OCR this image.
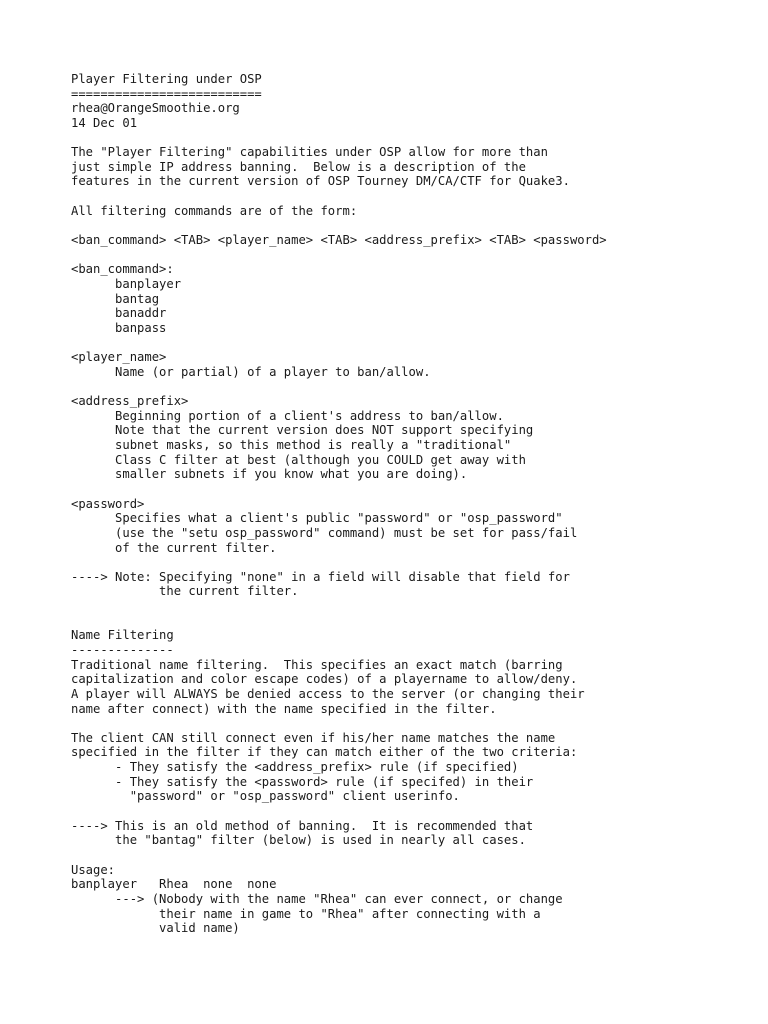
Player Filtering under OSP
==========================
rhea@OrangeSmoothie.org
14 Dec 01
The "Player Filtering" capabilities under OSP allow for more than
just simple IP address banning.  Below is a description of the
features in the current version of OSP Tourney DM/CA/CTF for Quake3.
All filtering commands are of the form:
<ban_command> <TAB> <player_name> <TAB> <address_prefix> <TAB> <password>
<ban_command>:
banplayer
bantag
banaddr
banpass
<player_name>
Name (or partial) of a player to ban/allow.
<address_prefix>
Beginning portion of a client's address to ban/allow.
Note that the current version does NOT support specifying
subnet masks, so this method is really a "traditional"
Class C filter at best (although you COULD get away with
smaller subnets if you know what you are doing).
<password>
Specifies what a client's public "password" or "osp_password"
(use the "setu osp_password" command) must be set for pass/fail
of the current filter.
----> Note: Specifying "none" in a field will disable that field for
the current filter.
Name Filtering
--------------
Traditional name filtering.  This specifies an exact match (barring
capitalization and color escape codes) of a playername to allow/deny.
A player will ALWAYS be denied access to the server (or changing their
name after connect) with the name specified in the filter.
The client CAN still connect even if his/her name matches the name
specified in the filter if they can match either of the two criteria:
- They satisfy the <address_prefix> rule (if specified)
- They satisfy the <password> rule (if specifed) in their
"password" or "osp_password" client userinfo.
----> This is an old method of banning.  It is recommended that
the "bantag" filter (below) is used in nearly all cases.
Usage:
banplayer   Rhea  none  none
---> (Nobody with the name "Rhea" can ever connect, or change
their name in game to "Rhea" after connecting with a
valid name)
